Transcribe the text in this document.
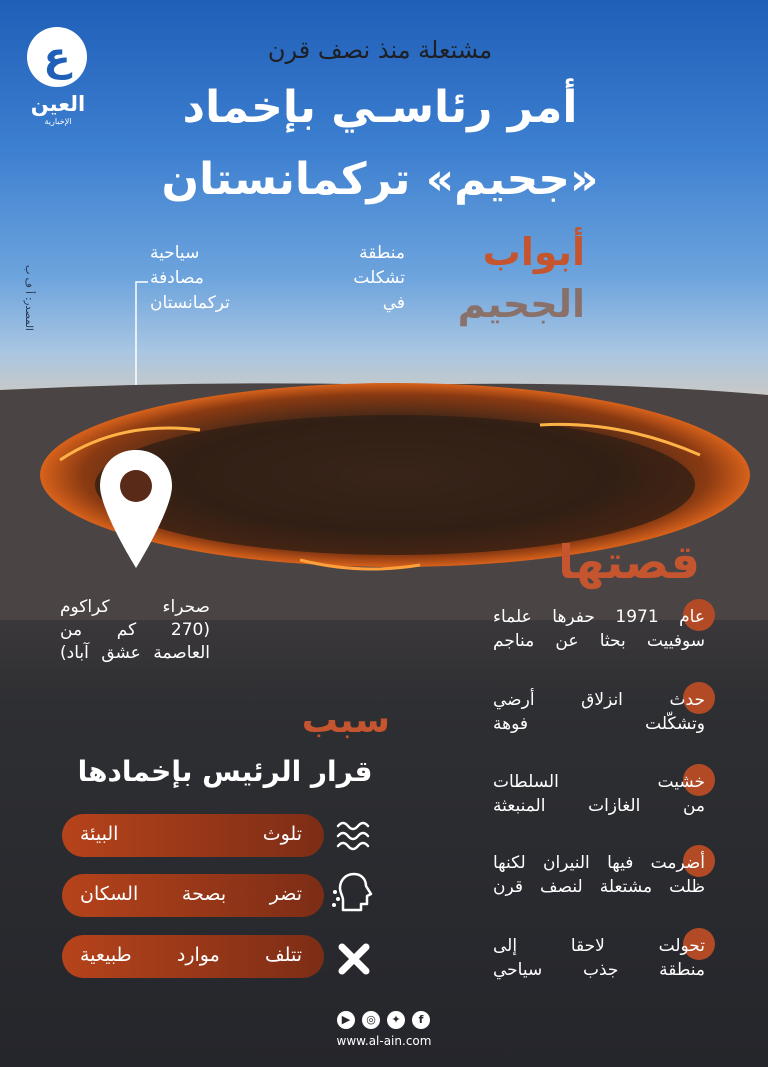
ع
العين
الإخبارية
مشتعلة منذ نصف قرن
أمر رئاسـي بإخماد
«جحيم» تركمانستان
أبواب
الجحيم
منطقة سياحية
تشكلت مصادفة
في تركمانستان
المصدر: أ ف ب
صحراء كراكوم
(270 كم من
العاصمة عشق آباد)
قصتها
عام 1971 حفرها علماء
سوفييت بحثا عن مناجم
حدث انزلاق أرضي
وتشكّلت فوهة
خشيت السلطات
من الغازات المنبعثة
أضرمت فيها النيران لكنها
ظلت مشتعلة لنصف قرن
تحولت لاحقا إلى
منطقة جذب سياحي
سبب
قرار الرئيس بإخمادها
تلوث البيئة
تضر بصحة السكان
تتلف موارد طبيعية
▶	◎	✦	f
www.al-ain.com
